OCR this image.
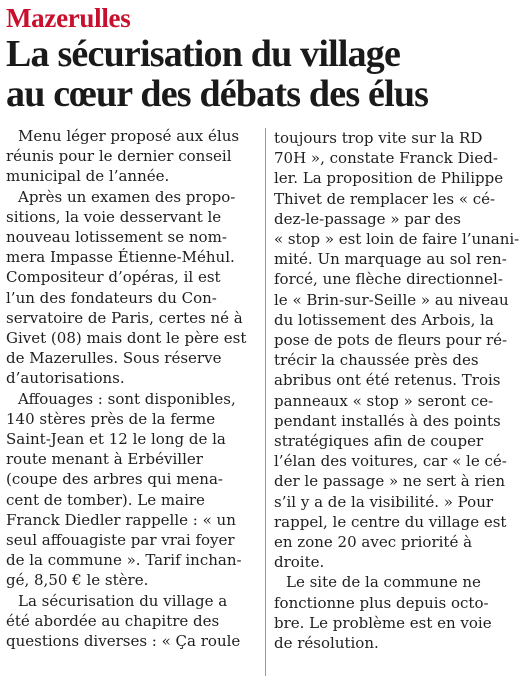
Mazerulles
La sécurisation du village
au cœur des débats des élus
Menu léger proposé aux élus
réunis pour le dernier conseil
municipal de l’année.
Après un examen des propo-
sitions, la voie desservant le
nouveau lotissement se nom-
mera Impasse Étienne-Méhul.
Compositeur d’opéras, il est
l’un des fondateurs du Con-
servatoire de Paris, certes né à
Givet (08) mais dont le père est
de Mazerulles. Sous réserve
d’autorisations.
Affouages : sont disponibles,
140 stères près de la ferme
Saint-Jean et 12 le long de la
route menant à Erbéviller
(coupe des arbres qui mena-
cent de tomber). Le maire
Franck Diedler rappelle : « un
seul affouagiste par vrai foyer
de la commune ». Tarif inchan-
gé, 8,50 € le stère.
La sécurisation du village a
été abordée au chapitre des
questions diverses : « Ça roule
toujours trop vite sur la RD
70H », constate Franck Died-
ler. La proposition de Philippe
Thivet de remplacer les « cé-
dez-le-passage » par des
« stop » est loin de faire l’unani-
mité. Un marquage au sol ren-
forcé, une flèche directionnel-
le « Brin-sur-Seille » au niveau
du lotissement des Arbois, la
pose de pots de fleurs pour ré-
trécir la chaussée près des
abribus ont été retenus. Trois
panneaux « stop » seront ce-
pendant installés à des points
stratégiques afin de couper
l’élan des voitures, car « le cé-
der le passage » ne sert à rien
s’il y a de la visibilité. » Pour
rappel, le centre du village est
en zone 20 avec priorité à
droite.
Le site de la commune ne
fonctionne plus depuis octo-
bre. Le problème est en voie
de résolution.
